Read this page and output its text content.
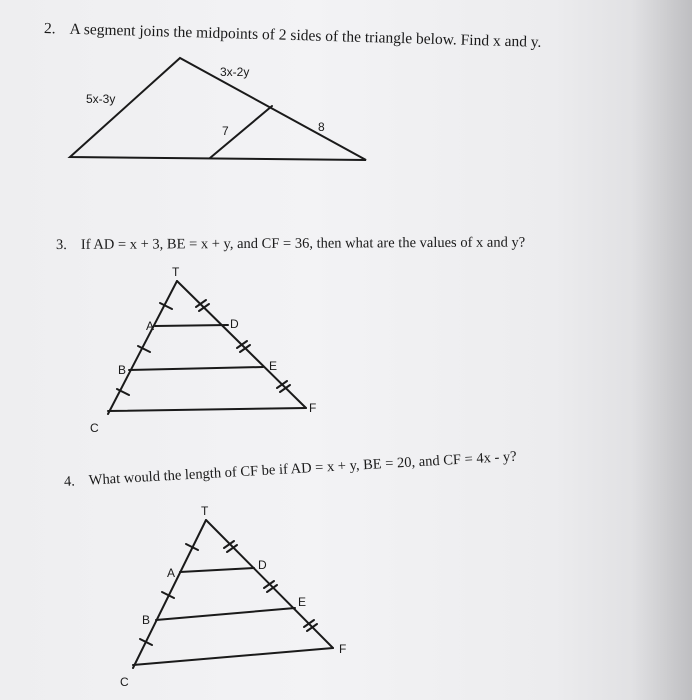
2. A segment joins the midpoints of 2 sides of the triangle below. Find x and y.
5x-3y
3x-2y
7	8
T
A	D
B	E
C
F
T
A
D
B
E
C
F
3. If AD = x + 3, BE = x + y, and CF = 36, then what are the values of x and y?
4. What would the length of CF be if AD = x + y, BE = 20, and CF = 4x - y?
